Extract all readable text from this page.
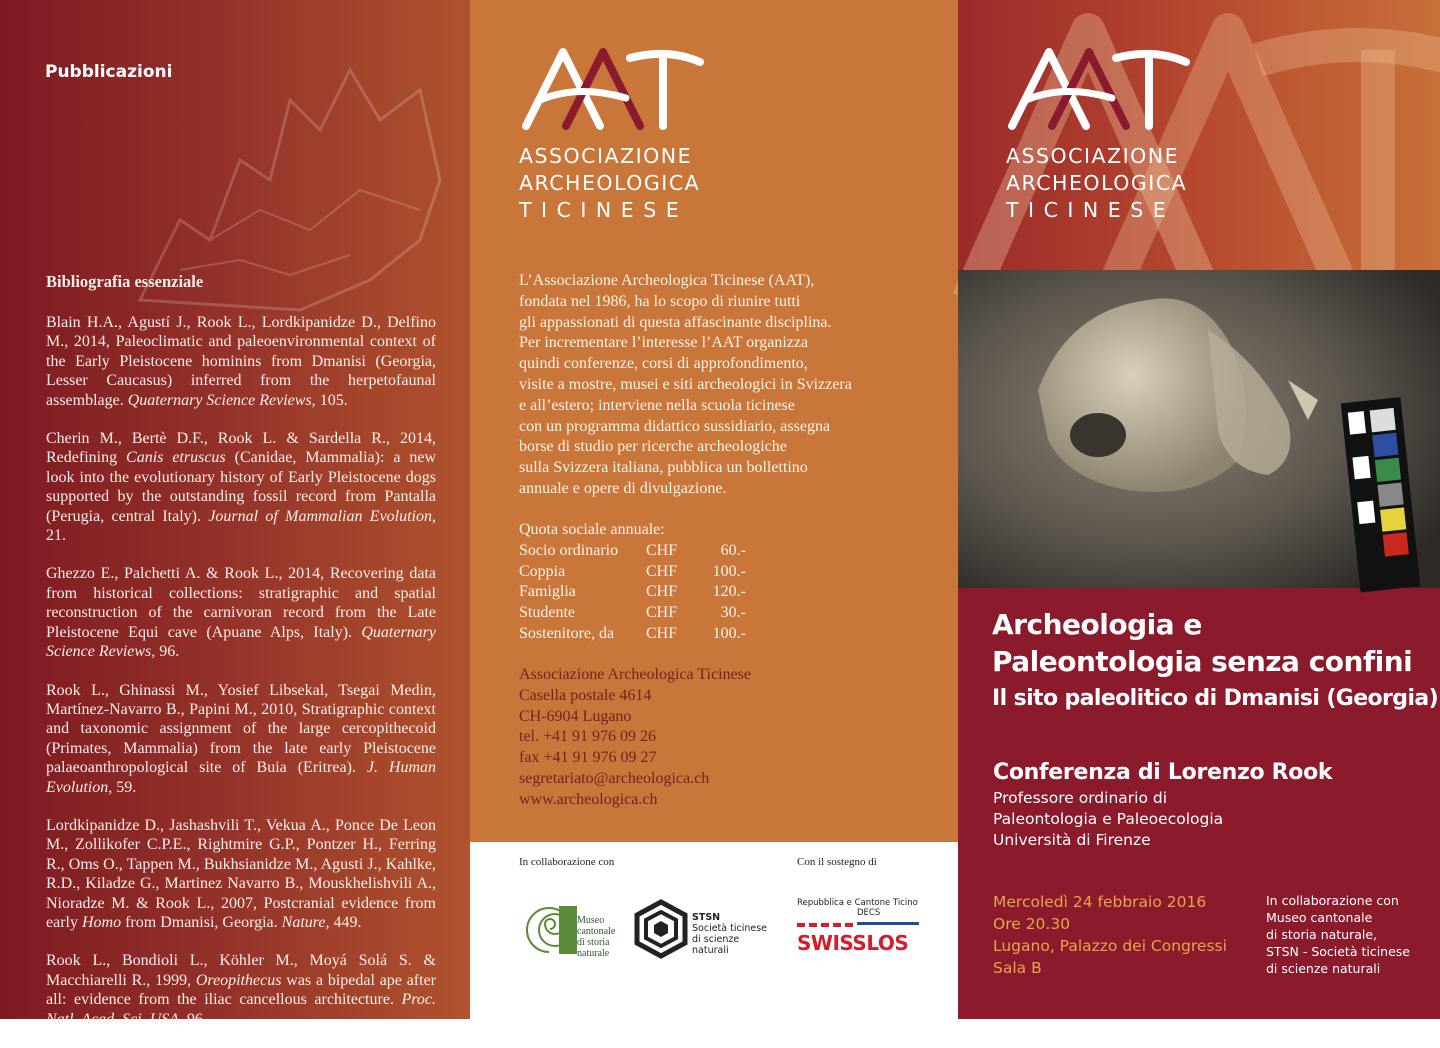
Pubblicazioni
Bibliografia essenziale

Blain H.A., Agustí J., Rook L., Lordkipanidze D., Delfino M., 2014, Paleoclimatic and paleoenvironmental context of the Early Pleistocene hominins from Dmanisi (Georgia, Lesser Caucasus) inferred from the herpetofaunal assemblage. Quaternary Science Reviews, 105.

Cherin M., Bertè D.F., Rook L. & Sardella R., 2014, Redefining Canis etruscus (Canidae, Mammalia): a new look into the evolutionary history of Early Pleistocene dogs supported by the outstanding fossil record from Pantalla (Perugia, central Italy). Journal of Mammalian Evolution, 21.

Ghezzo E., Palchetti A. & Rook L., 2014, Recovering data from historical collections: stratigraphic and spatial reconstruction of the carnivoran record from the Late Pleistocene Equi cave (Apuane Alps, Italy). Quaternary Science Reviews, 96.

Rook L., Ghinassi M., Yosief Libsekal, Tsegai Medin, Martínez-Navarro B., Papini M., 2010, Stratigraphic context and taxonomic assignment of the large cercopithecoid (Primates, Mammalia) from the late early Pleistocene palaeoanthropological site of Buia (Eritrea). J. Human Evolution, 59.

Lordkipanidze D., Jashashvili T., Vekua A., Ponce De Leon M., Zollikofer C.P.E., Rightmire G.P., Pontzer H., Ferring R., Oms O., Tappen M., Bukhsianidze M., Agusti J., Kahlke, R.D., Kiladze G., Martinez Navarro B., Mouskhelishvili A., Nioradze M. & Rook L., 2007, Postcranial evidence from early Homo from Dmanisi, Georgia. Nature, 449.

Rook L., Bondioli L., Köhler M., Moyá Solá S. & Macchiarelli R., 1999, Oreopithecus was a bipedal ape after all: evidence from the iliac cancellous architecture. Proc. Natl. Acad. Sci. USA, 96.

ASSOCIAZIONE
ARCHEOLOGICA
TICINESE
L’Associazione Archeologica Ticinese (AAT),
fondata nel 1986, ha lo scopo di riunire tutti
gli appassionati di questa affascinante disciplina.
Per incrementare l’interesse l’AAT organizza
quindi conferenze, corsi di approfondimento,
visite a mostre, musei e siti archeologici in Svizzera
e all’estero; interviene nella scuola ticinese
con un programma didattico sussidiario, assegna
borse di studio per ricerche archeologiche
sulla Svizzera italiana, pubblica un bollettino
annuale e opere di divulgazione.
Quota sociale annuale:
Socio ordinario	CHF	60.-
Coppia	CHF	100.-
Famiglia	CHF	120.-
Studente	CHF	30.-
Sostenitore, da	CHF	100.-
Associazione Archeologica Ticinese
Casella postale 4614
CH-6904 Lugano
tel. +41 91 976 09 26
fax +41 91 976 09 27
segretariato@archeologica.ch
www.archeologica.ch
In collaborazione con	Con il sostegno di
Museo
cantonale
di storia
naturale
STSN
Società ticinese
di scienze naturali
Repubblica e Cantone Ticino
DECS
SWISSLOS
ASSOCIAZIONE
ARCHEOLOGICA
TICINESE
Archeologia e
Paleontologia senza confini
Il sito paleolitico di Dmanisi (Georgia)
Conferenza di Lorenzo Rook
Professore ordinario di
Paleontologia e Paleoecologia
Università di Firenze
Mercoledì 24 febbraio 2016
Ore 20.30
Lugano, Palazzo dei Congressi
Sala B
In collaborazione con
Museo cantonale
di storia naturale,
STSN - Società ticinese
di scienze naturali
